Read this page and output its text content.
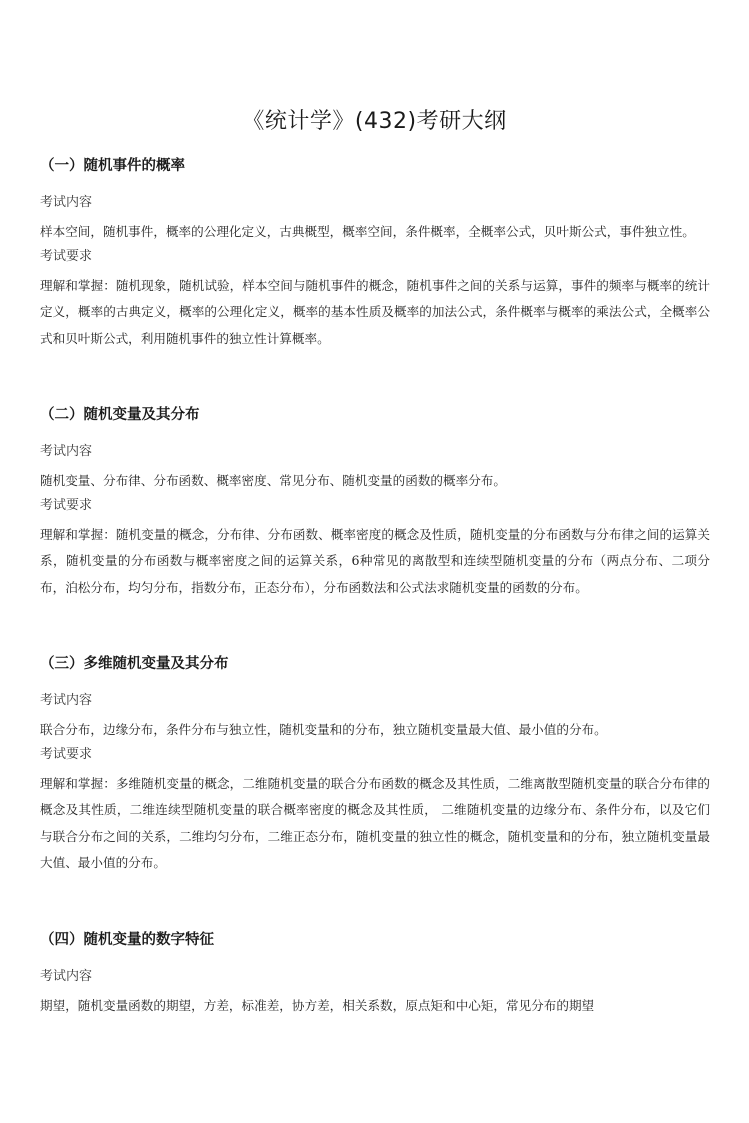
《统计学》(432)考研大纲
（一）随机事件的概率

考试内容

样本空间，随机事件，概率的公理化定义，古典概型，概率空间，条件概率，全概率公式，贝叶斯公式，事件独立性。

考试要求

理解和掌握：随机现象，随机试验，样本空间与随机事件的概念，随机事件之间的关系与运算，事件的频率与概率的统计定义，概率的古典定义，概率的公理化定义，概率的基本性质及概率的加法公式，条件概率与概率的乘法公式，全概率公式和贝叶斯公式，利用随机事件的独立性计算概率。

（二）随机变量及其分布

考试内容

随机变量、分布律、分布函数、概率密度、常见分布、随机变量的函数的概率分布。

考试要求

理解和掌握：随机变量的概念，分布律、分布函数、概率密度的概念及性质，随机变量的分布函数与分布律之间的运算关系，随机变量的分布函数与概率密度之间的运算关系，6种常见的离散型和连续型随机变量的分布（两点分布、二项分布，泊松分布，均匀分布，指数分布，正态分布），分布函数法和公式法求随机变量的函数的分布。

（三）多维随机变量及其分布

考试内容

联合分布，边缘分布，条件分布与独立性，随机变量和的分布，独立随机变量最大值、最小值的分布。

考试要求

理解和掌握：多维随机变量的概念，二维随机变量的联合分布函数的概念及其性质，二维离散型随机变量的联合分布律的概念及其性质，二维连续型随机变量的联合概率密度的概念及其性质， 二维随机变量的边缘分布、条件分布，以及它们与联合分布之间的关系，二维均匀分布，二维正态分布，随机变量的独立性的概念，随机变量和的分布，独立随机变量最大值、最小值的分布。

（四）随机变量的数字特征

考试内容

期望，随机变量函数的期望，方差，标准差，协方差，相关系数，原点矩和中心矩，常见分布的期望
